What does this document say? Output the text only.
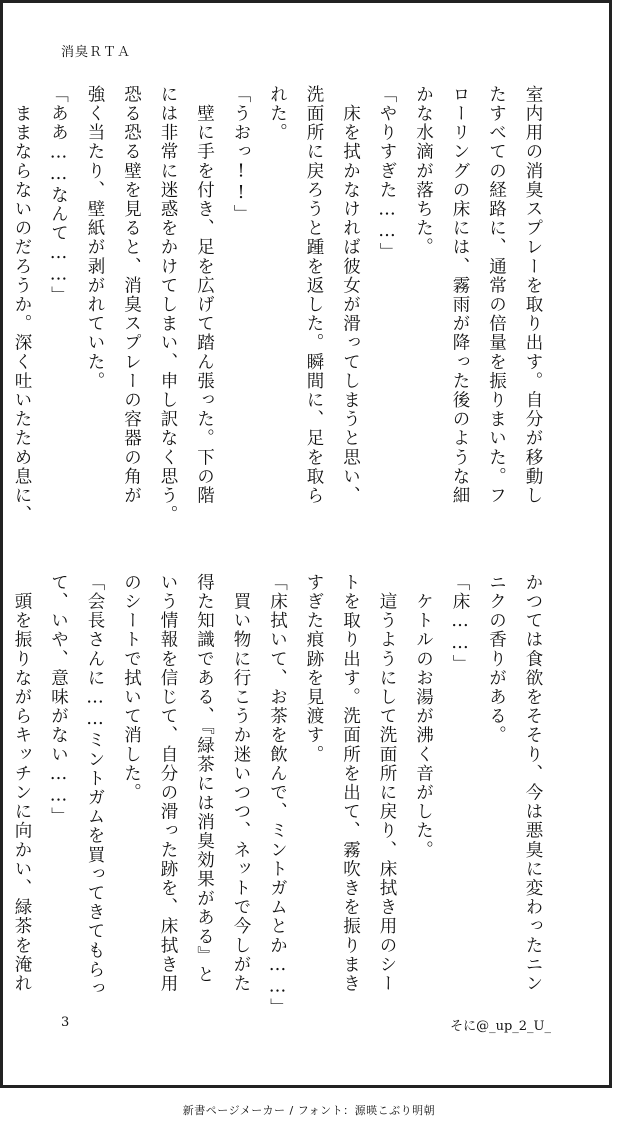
消臭ＲＴＡ

室内用の消臭スプレーを取り出す。自分が移動し

たすべての経路に、通常の倍量を振りまいた。フ

ローリングの床には、霧雨が降った後のような細

かな水滴が落ちた。

「やりすぎた……」

　床を拭かなければ彼女が滑ってしまうと思い、

洗面所に戻ろうと踵を返した。瞬間に、足を取ら

れた。

「うおっ!!」

　壁に手を付き、足を広げて踏ん張った。下の階

には非常に迷惑をかけてしまい、申し訳なく思う。

恐る恐る壁を見ると、消臭スプレーの容器の角が

強く当たり、壁紙が剥がれていた。

「ああ……なんて……」

　ままならないのだろうか。深く吐いたため息に、

かつては食欲をそそり、今は悪臭に変わったニン

ニクの香りがある。

「床……」

　ケトルのお湯が沸く音がした。

　這うようにして洗面所に戻り、床拭き用のシー

トを取り出す。洗面所を出て、霧吹きを振りまき

すぎた痕跡を見渡す。

「床拭いて、お茶を飲んで、ミントガムとか……」

　買い物に行こうか迷いつつ、ネットで今しがた

得た知識である、『緑茶には消臭効果がある』と

いう情報を信じて、自分の滑った跡を、床拭き用

のシートで拭いて消した。

「会長さんに……ミントガムを買ってきてもらっ

て、いや、意味がない……」

　頭を振りながらキッチンに向かい、緑茶を淹れ

3	そに@_up_2_U_
新書ページメーカー / フォント：源暎こぶり明朝
